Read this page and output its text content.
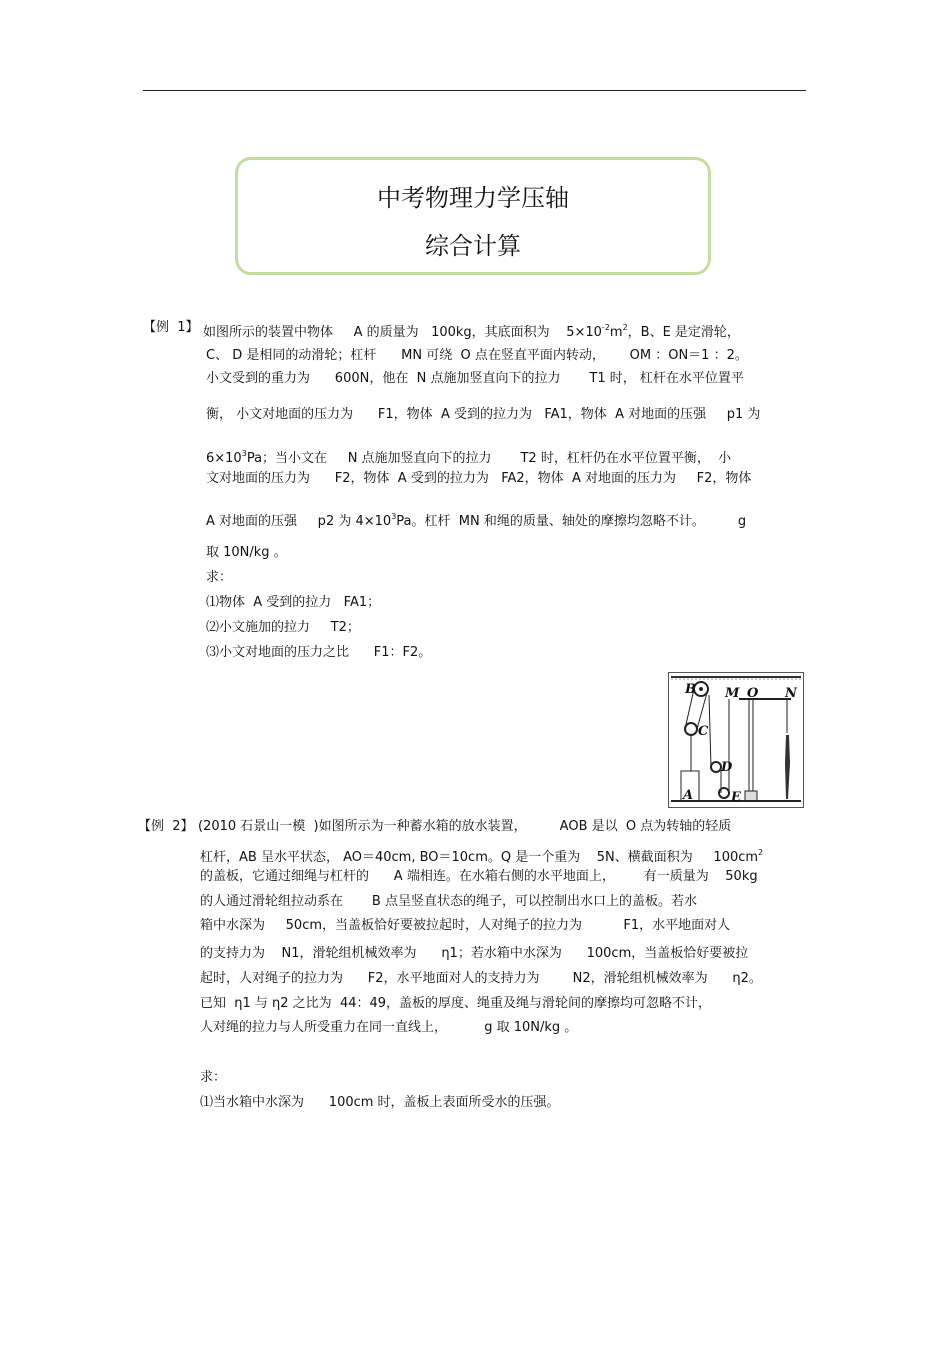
中考物理力学压轴
综合计算
【例  1】 如图所示的装置中物体     A 的质量为   100kg，其底面积为    $5\times 10^{-2}m^2$，B、E 是定滑轮，
C、 D 是相同的动滑轮；杠杆      MN 可绕  O 点在竖直平面内转动，      OM ：ON＝1 ：2。
小文受到的重力为      600N，他在  N 点施加竖直向下的拉力       T1 时， 杠杆在水平位置平
衡， 小文对地面的压力为      F1，物体  A 受到的拉力为   FA1，物体  A 对地面的压强     p1 为
$6\times 10^3Pa$；当小文在     N 点施加竖直向下的拉力       T2 时，杠杆仍在水平位置平衡，  小
文对地面的压力为      F2，物体  A 受到的拉力为   FA2，物体  A 对地面的压力为     F2，物体
A 对地面的压强     p2 为 $4\times 10^3Pa$。杠杆  MN 和绳的质量、轴处的摩擦均忽略不计。        g
取 10N/kg 。
求：
⑴物体  A 受到的拉力   FA1；
⑵小文施加的拉力     T2；
⑶小文对地面的压力之比      F1：F2。
B
C
D
E
A
M O N
【例  2】 (2010 石景山一模  )如图所示为一种蓄水箱的放水装置，        AOB 是以  O 点为转轴的轻质
杠杆，AB 呈水平状态， AO＝40cm, BO＝10cm。Q 是一个重为    5N、横截面积为     $100cm^2$
的盖板，它通过细绳与杠杆的      A 端相连。在水箱右侧的水平地面上，       有一质量为    50kg
的人通过滑轮组拉动系在       B 点呈竖直状态的绳子，可以控制出水口上的盖板。若水
箱中水深为     50cm，当盖板恰好要被拉起时，人对绳子的拉力为          F1，水平地面对人
的支持力为    N1，滑轮组机械效率为      η1；若水箱中水深为      100cm，当盖板恰好要被拉
起时，人对绳子的拉力为      F2，水平地面对人的支持力为        N2，滑轮组机械效率为      η2。
已知  η1 与 η2 之比为  44：49，盖板的厚度、绳重及绳与滑轮间的摩擦均可忽略不计，
人对绳的拉力与人所受重力在同一直线上，         g 取 10N/kg 。
求：
⑴当水箱中水深为      100cm 时，盖板上表面所受水的压强。
